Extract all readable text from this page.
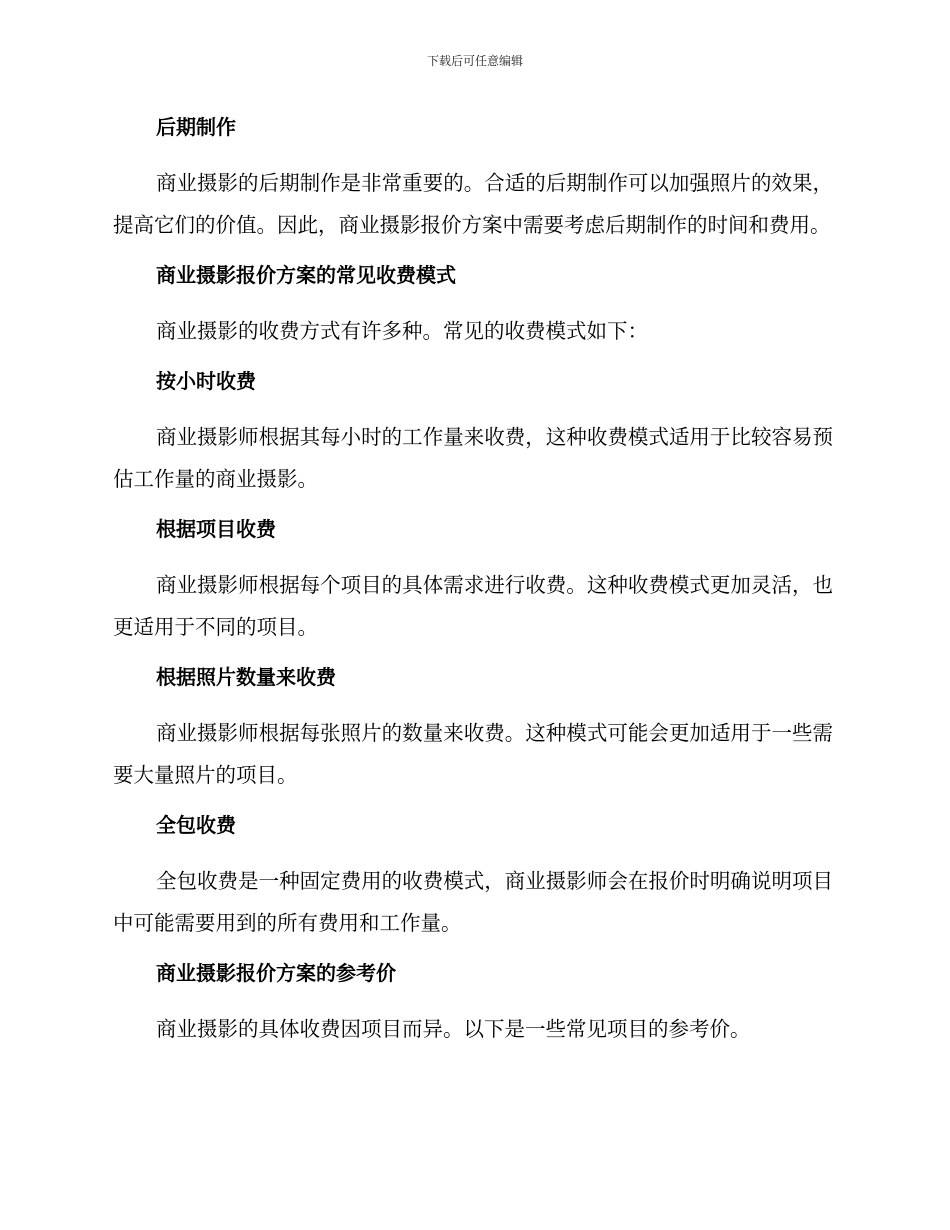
下载后可任意编辑
后期制作

商业摄影的后期制作是非常重要的。合适的后期制作可以加强照片的效果，提高它们的价值。因此，商业摄影报价方案中需要考虑后期制作的时间和费用。

商业摄影报价方案的常见收费模式

商业摄影的收费方式有许多种。常见的收费模式如下：

按小时收费

商业摄影师根据其每小时的工作量来收费，这种收费模式适用于比较容易预估工作量的商业摄影。

根据项目收费

商业摄影师根据每个项目的具体需求进行收费。这种收费模式更加灵活，也更适用于不同的项目。

根据照片数量来收费

商业摄影师根据每张照片的数量来收费。这种模式可能会更加适用于一些需要大量照片的项目。

全包收费

全包收费是一种固定费用的收费模式，商业摄影师会在报价时明确说明项目中可能需要用到的所有费用和工作量。

商业摄影报价方案的参考价

商业摄影的具体收费因项目而异。以下是一些常见项目的参考价。
